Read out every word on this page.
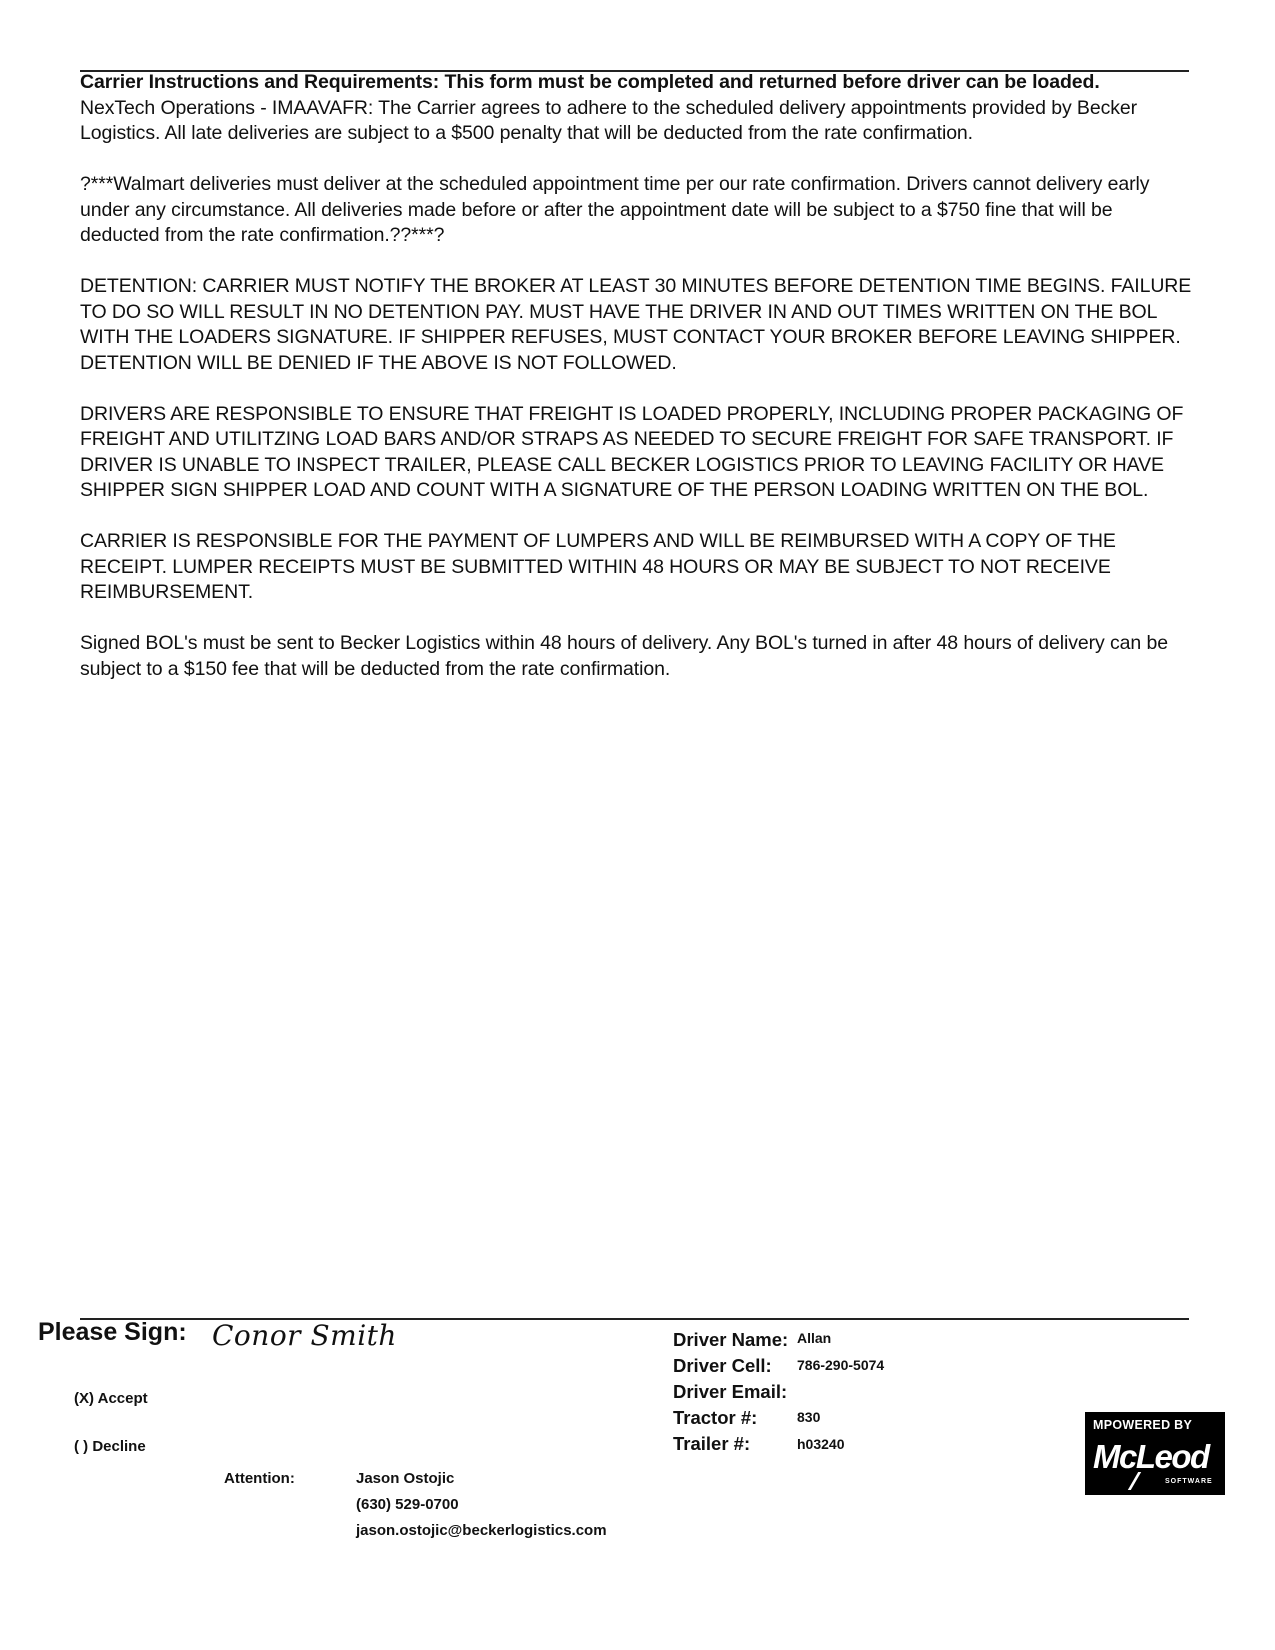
Carrier Instructions and Requirements: This form must be completed and returned before driver can be loaded.

NexTech Operations - IMAAVAFR: The Carrier agrees to adhere to the scheduled delivery appointments provided by Becker Logistics. All late deliveries are subject to a $500 penalty that will be deducted from the rate confirmation.

?***Walmart deliveries must deliver at the scheduled appointment time per our rate confirmation. Drivers cannot delivery early under any circumstance. All deliveries made before or after the appointment date will be subject to a $750 fine that will be deducted from the rate confirmation.??***?

DETENTION: CARRIER MUST NOTIFY THE BROKER AT LEAST 30 MINUTES BEFORE DETENTION TIME BEGINS. FAILURE TO DO SO WILL RESULT IN NO DETENTION PAY. MUST HAVE THE DRIVER IN AND OUT TIMES WRITTEN ON THE BOL WITH THE LOADERS SIGNATURE. IF SHIPPER REFUSES, MUST CONTACT YOUR BROKER BEFORE LEAVING SHIPPER. DETENTION WILL BE DENIED IF THE ABOVE IS NOT FOLLOWED.

DRIVERS ARE RESPONSIBLE TO ENSURE THAT FREIGHT IS LOADED PROPERLY, INCLUDING PROPER PACKAGING OF FREIGHT AND UTILITZING LOAD BARS AND/OR STRAPS AS NEEDED TO SECURE FREIGHT FOR SAFE TRANSPORT. IF DRIVER IS UNABLE TO INSPECT TRAILER, PLEASE CALL BECKER LOGISTICS PRIOR TO LEAVING FACILITY OR HAVE SHIPPER SIGN SHIPPER LOAD AND COUNT WITH A SIGNATURE OF THE PERSON LOADING WRITTEN ON THE BOL.

CARRIER IS RESPONSIBLE FOR THE PAYMENT OF LUMPERS AND WILL BE REIMBURSED WITH A COPY OF THE RECEIPT. LUMPER RECEIPTS MUST BE SUBMITTED WITHIN 48 HOURS OR MAY BE SUBJECT TO NOT RECEIVE REIMBURSEMENT.

Signed BOL's must be sent to Becker Logistics within 48 hours of delivery. Any BOL's turned in after 48 hours of delivery can be subject to a $150 fee that will be deducted from the rate confirmation.

Please Sign: Conor Smith
(X) Accept
( ) Decline
Attention:	Jason Ostojic
(630) 529-0700
jason.ostojic@beckerlogistics.com
Driver Name: Allan
Driver Cell: 786-290-5074
Driver Email:
Tractor #:	830
Trailer #:	h03240
MPOWERED BY
McLeod
SOFTWARE
